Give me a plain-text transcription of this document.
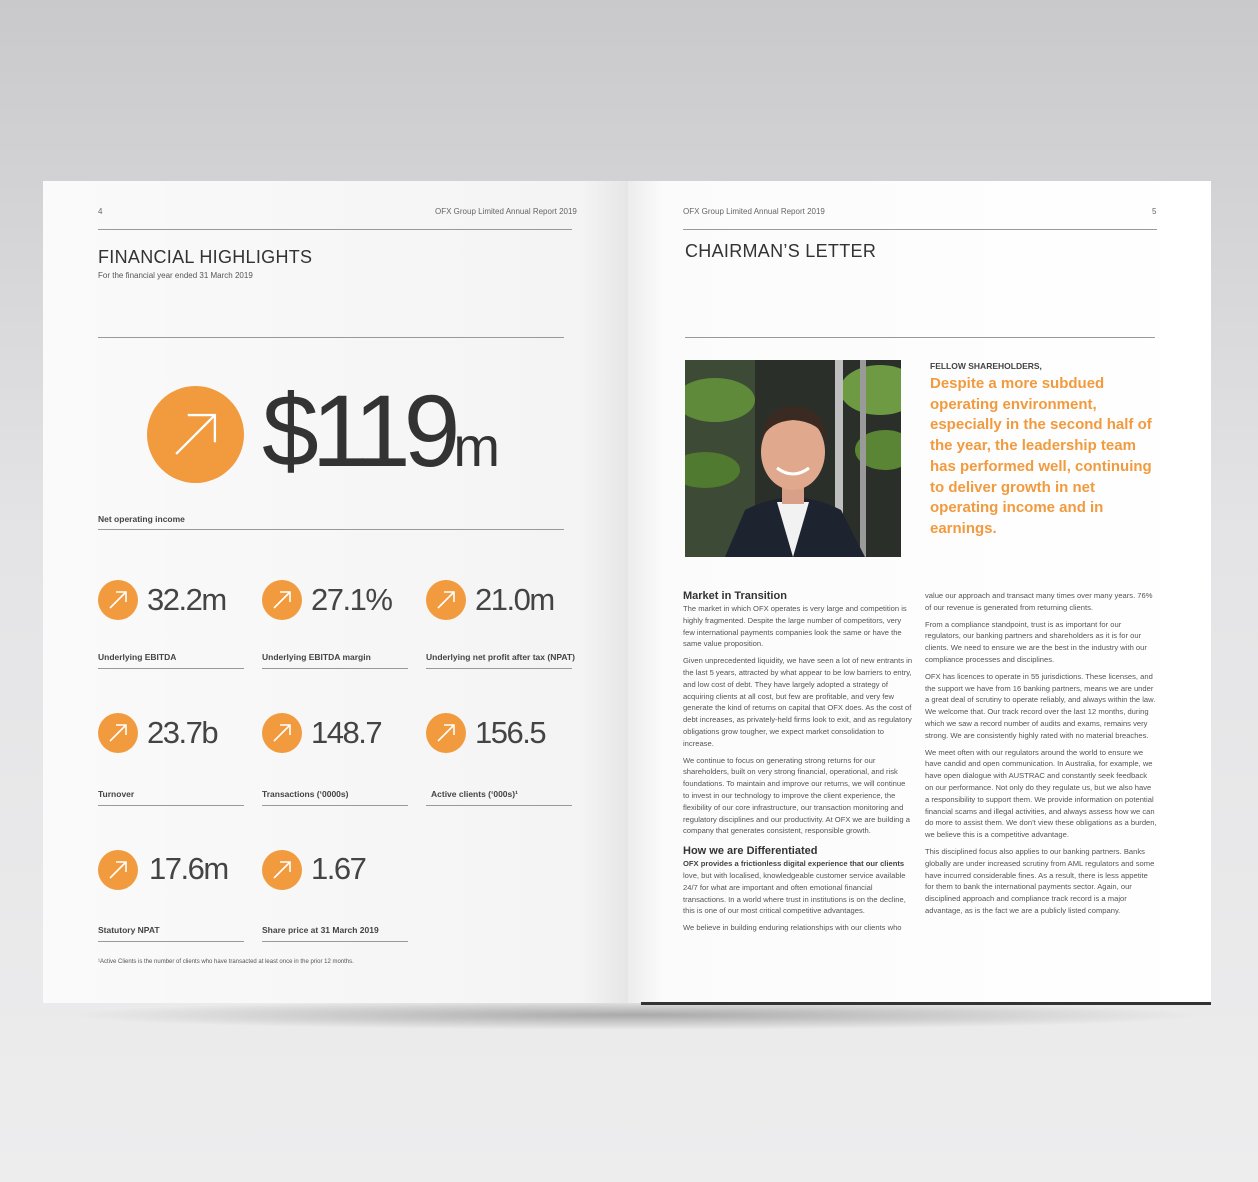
4	OFX Group Limited Annual Report 2019
FINANCIAL HIGHLIGHTS
For the financial year ended 31 March 2019
$119m
Net operating income
32.2m
Underlying EBITDA
27.1%
Underlying EBITDA margin
21.0m
Underlying net profit after tax (NPAT)
23.7b
Turnover
148.7
Transactions (‘0000s)
156.5
Active clients (‘000s)¹
17.6m
Statutory NPAT
1.67
Share price at 31 March 2019
¹Active Clients is the number of clients who have transacted at least once in the prior 12 months.
OFX Group Limited Annual Report 2019	5
CHAIRMAN’S LETTER
FELLOW SHAREHOLDERS,
Despite a more subdued operating environment, especially in the second half of the year, the leadership team has performed well, continuing to deliver growth in net operating income and in earnings.
Market in Transition

The market in which OFX operates is very large and competition is highly fragmented. Despite the large number of competitors, very few international payments companies look the same or have the same value proposition.

Given unprecedented liquidity, we have seen a lot of new entrants in the last 5 years, attracted by what appear to be low barriers to entry, and low cost of debt. They have largely adopted a strategy of acquiring clients at all cost, but few are profitable, and very few generate the kind of returns on capital that OFX does. As the cost of debt increases, as privately-held firms look to exit, and as regulatory obligations grow tougher, we expect market consolidation to increase.

We continue to focus on generating strong returns for our shareholders, built on very strong financial, operational, and risk foundations. To maintain and improve our returns, we will continue to invest in our technology to improve the client experience, the flexibility of our core infrastructure, our transaction monitoring and regulatory disciplines and our productivity. At OFX we are building a company that generates consistent, responsible growth.

How we are Differentiated

OFX provides a frictionless digital experience that our clients love, but with localised, knowledgeable customer service available 24/7 for what are important and often emotional financial transactions. In a world where trust in institutions is on the decline, this is one of our most critical competitive advantages.

We believe in building enduring relationships with our clients who

value our approach and transact many times over many years. 76% of our revenue is generated from returning clients.

From a compliance standpoint, trust is as important for our regulators, our banking partners and shareholders as it is for our clients. We need to ensure we are the best in the industry with our compliance processes and disciplines.

OFX has licences to operate in 55 jurisdictions. These licenses, and the support we have from 16 banking partners, means we are under a great deal of scrutiny to operate reliably, and always within the law. We welcome that. Our track record over the last 12 months, during which we saw a record number of audits and exams, remains very strong. We are consistently highly rated with no material breaches.

We meet often with our regulators around the world to ensure we have candid and open communication. In Australia, for example, we have open dialogue with AUSTRAC and constantly seek feedback on our performance. Not only do they regulate us, but we also have a responsibility to support them. We provide information on potential financial scams and illegal activities, and always assess how we can do more to assist them. We don’t view these obligations as a burden, we believe this is a competitive advantage.

This disciplined focus also applies to our banking partners. Banks globally are under increased scrutiny from AML regulators and some have incurred considerable fines. As a result, there is less appetite for them to bank the international payments sector. Again, our disciplined approach and compliance track record is a major advantage, as is the fact we are a publicly listed company.
